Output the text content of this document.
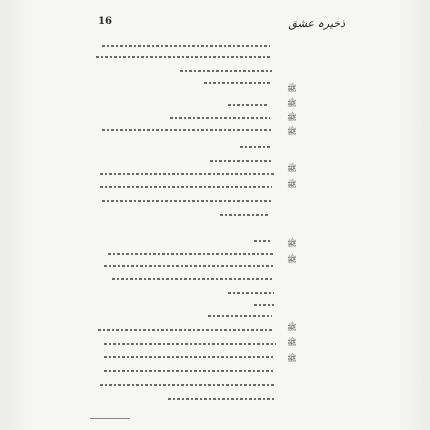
16	ذخیرہ عشق
ﷺ
ﷺ
ﷺ
ﷺ
ﷺ
ﷺ
ﷺ
ﷺ
ﷺ
ﷺ
ﷺ
